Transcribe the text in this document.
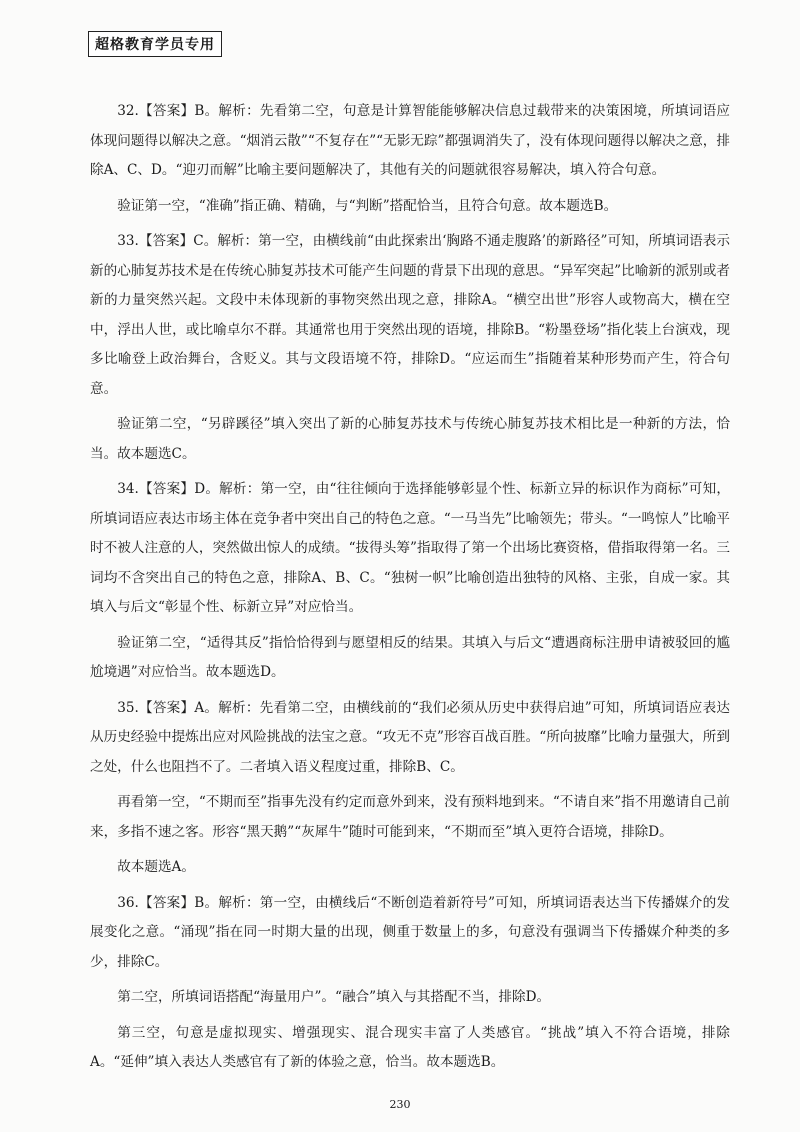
超格教育学员专用

32.【答案】B。解析：先看第二空，句意是计算智能能够解决信息过载带来的决策困境，所填词语应体现问题得以解决之意。“烟消云散”“不复存在”“无影无踪”都强调消失了，没有体现问题得以解决之意，排除A、C、D。“迎刃而解”比喻主要问题解决了，其他有关的问题就很容易解决，填入符合句意。

验证第一空，“准确”指正确、精确，与“判断”搭配恰当，且符合句意。故本题选B。

33.【答案】C。解析：第一空，由横线前“由此探索出‘胸路不通走腹路’的新路径”可知，所填词语表示新的心肺复苏技术是在传统心肺复苏技术可能产生问题的背景下出现的意思。“异军突起”比喻新的派别或者新的力量突然兴起。文段中未体现新的事物突然出现之意，排除A。“横空出世”形容人或物高大，横在空中，浮出人世，或比喻卓尔不群。其通常也用于突然出现的语境，排除B。“粉墨登场”指化装上台演戏，现多比喻登上政治舞台，含贬义。其与文段语境不符，排除D。“应运而生”指随着某种形势而产生，符合句意。

验证第二空，“另辟蹊径”填入突出了新的心肺复苏技术与传统心肺复苏技术相比是一种新的方法，恰当。故本题选C。

34.【答案】D。解析：第一空，由“往往倾向于选择能够彰显个性、标新立异的标识作为商标”可知，所填词语应表达市场主体在竞争者中突出自己的特色之意。“一马当先”比喻领先；带头。“一鸣惊人”比喻平时不被人注意的人，突然做出惊人的成绩。“拔得头筹”指取得了第一个出场比赛资格，借指取得第一名。三词均不含突出自己的特色之意，排除A、B、C。“独树一帜”比喻创造出独特的风格、主张，自成一家。其填入与后文“彰显个性、标新立异”对应恰当。

验证第二空，“适得其反”指恰恰得到与愿望相反的结果。其填入与后文“遭遇商标注册申请被驳回的尴尬境遇”对应恰当。故本题选D。

35.【答案】A。解析：先看第二空，由横线前的“我们必须从历史中获得启迪”可知，所填词语应表达从历史经验中提炼出应对风险挑战的法宝之意。“攻无不克”形容百战百胜。“所向披靡”比喻力量强大，所到之处，什么也阻挡不了。二者填入语义程度过重，排除B、C。

再看第一空，“不期而至”指事先没有约定而意外到来，没有预料地到来。“不请自来”指不用邀请自己前来，多指不速之客。形容“黑天鹅”“灰犀牛”随时可能到来，“不期而至”填入更符合语境，排除D。

故本题选A。

36.【答案】B。解析：第一空，由横线后“不断创造着新符号”可知，所填词语表达当下传播媒介的发展变化之意。“涌现”指在同一时期大量的出现，侧重于数量上的多，句意没有强调当下传播媒介种类的多少，排除C。

第二空，所填词语搭配“海量用户”。“融合”填入与其搭配不当，排除D。

第三空，句意是虚拟现实、增强现实、混合现实丰富了人类感官。“挑战”填入不符合语境，排除A。“延伸”填入表达人类感官有了新的体验之意，恰当。故本题选B。

230
